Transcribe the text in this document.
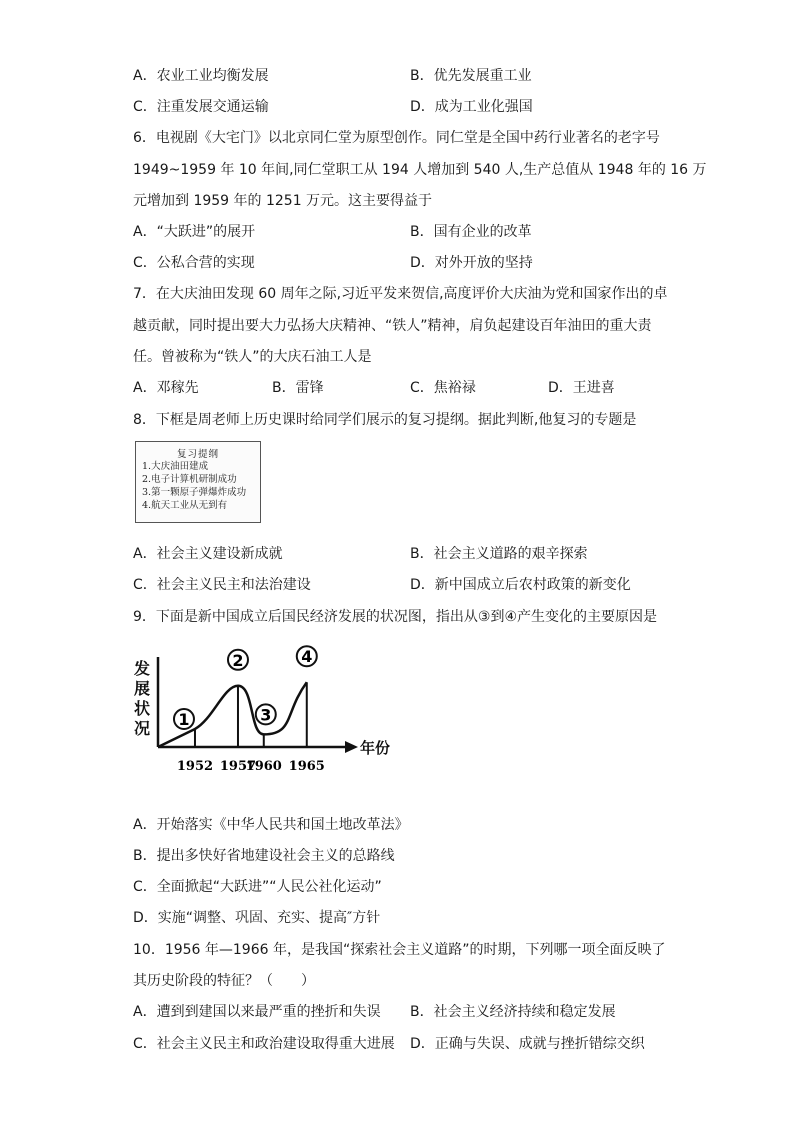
A．农业工业均衡发展	B．优先发展重工业
C．注重发展交通运输	D．成为工业化强国
6．电视剧《大宅门》以北京同仁堂为原型创作。同仁堂是全国中药行业著名的老字号
1949~1959 年 10 年间,同仁堂职工从 194 人增加到 540 人,生产总值从 1948 年的 16 万
元增加到 1959 年的 1251 万元。这主要得益于
A．“大跃进”的展开	B．国有企业的改革
C．公私合营的实现	D．对外开放的坚持
7．在大庆油田发现 60 周年之际,习近平发来贺信,高度评价大庆油为党和国家作出的卓
越贡献，同时提出要大力弘扬大庆精神、“铁人”精神，肩负起建设百年油田的重大责
任。曾被称为“铁人”的大庆石油工人是
A．邓稼先	B．雷锋	C．焦裕禄	D．王进喜
8．下框是周老师上历史课时给同学们展示的复习提纲。据此判断,他复习的专题是
复习提纲
1.大庆油田建成
2.电子计算机研制成功
3.第一颗原子弹爆炸成功
4.航天工业从无到有
A．社会主义建设新成就	B．社会主义道路的艰辛探索
C．社会主义民主和法治建设	D．新中国成立后农村政策的新变化
9．下面是新中国成立后国民经济发展的状况图，指出从③到④产生变化的主要原因是
发
展
状
况
年份
1
1952
2
1957
3
1960
4
1965
A．开始落实《中华人民共和国土地改革法》
B．提出多快好省地建设社会主义的总路线
C．全面掀起“大跃进”“人民公社化运动”
D．实施“调整、巩固、充实、提高″方针
10．1956 年—1966 年，是我国“探索社会主义道路”的时期，下列哪一项全面反映了
其历史阶段的特征？（　　）
A．遭到到建国以来最严重的挫折和失误 B．社会主义经济持续和稳定发展
C．社会主义民主和政治建设取得重大进展 D．正确与失误、成就与挫折错综交织
